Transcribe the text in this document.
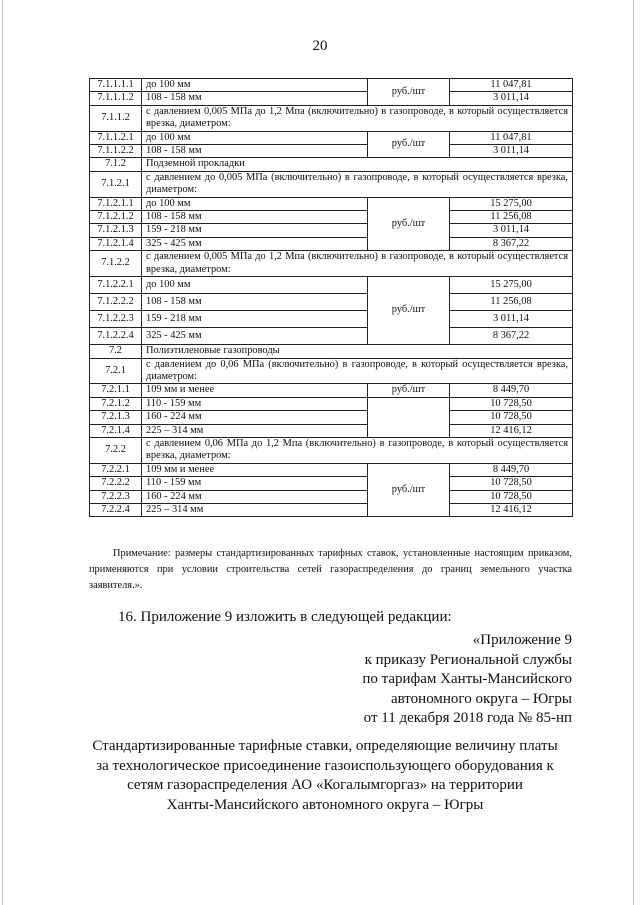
20
7.1.1.1.1	до 100 мм	руб./шт	11 047,81
7.1.1.1.2	108 - 158 мм		3 011,14
7.1.1.2	с давлением 0,005 МПа до 1,2 Мпа (включительно) в газопроводе, в который осуществляется врезка, диаметром:		
7.1.1.2.1	до 100 мм	руб./шт	11 047,81
7.1.1.2.2	108 - 158 мм		3 011,14
7.1.2	Подземной прокладки		
7.1.2.1	с давлением до 0,005 МПа (включительно) в газопроводе, в который осуществляется врезка, диаметром:		
7.1.2.1.1	до 100 мм	руб./шт	15 275,00
7.1.2.1.2	108 - 158 мм		11 256,08
7.1.2.1.3	159 - 218 мм		3 011,14
7.1.2.1.4	325 - 425 мм		8 367,22
7.1.2.2	с давлением 0,005 МПа до 1,2 Мпа (включительно) в газопроводе, в который осуществляется врезка, диаметром:		
7.1.2.2.1	до 100 мм	руб./шт	15 275,00
7.1.2.2.2	108 - 158 мм		11 256,08
7.1.2.2.3	159 - 218 мм		3 011,14
7.1.2.2.4	325 - 425 мм		8 367,22
7.2	Полиэтиленовые газопроводы		
7.2.1	с давлением до 0,06 МПа (включительно) в газопроводе, в который осуществляется врезка, диаметром:		
7.2.1.1	109 мм и менее	руб./шт	8 449,70
7.2.1.2	110 - 159 мм		10 728,50
7.2.1.3	160 - 224 мм		10 728,50
7.2.1.4	225 – 314 мм		12 416,12
7.2.2	с давлением 0,06 МПа до 1,2 Мпа (включительно) в газопроводе, в который осуществляется врезка, диаметром:		
7.2.2.1	109 мм и менее	руб./шт	8 449,70
7.2.2.2	110 - 159 мм		10 728,50
7.2.2.3	160 - 224 мм		10 728,50
7.2.2.4	225 – 314 мм		12 416,12
Примечание: размеры стандартизированных тарифных ставок, установленные настоящим приказом, применяются при условии строительства сетей газораспределения до границ земельного участка заявителя.».
16. Приложение 9 изложить в следующей редакции:
«Приложение 9
к приказу Региональной службы
по тарифам Ханты-Мансийского
автономного округа – Югры
от 11 декабря 2018 года № 85-нп
Стандартизированные тарифные ставки, определяющие величину платы
за технологическое присоединение газоиспользующего оборудования к
сетям газораспределения АО «Когалымгоргаз» на территории
Ханты-Мансийского автономного округа – Югры
